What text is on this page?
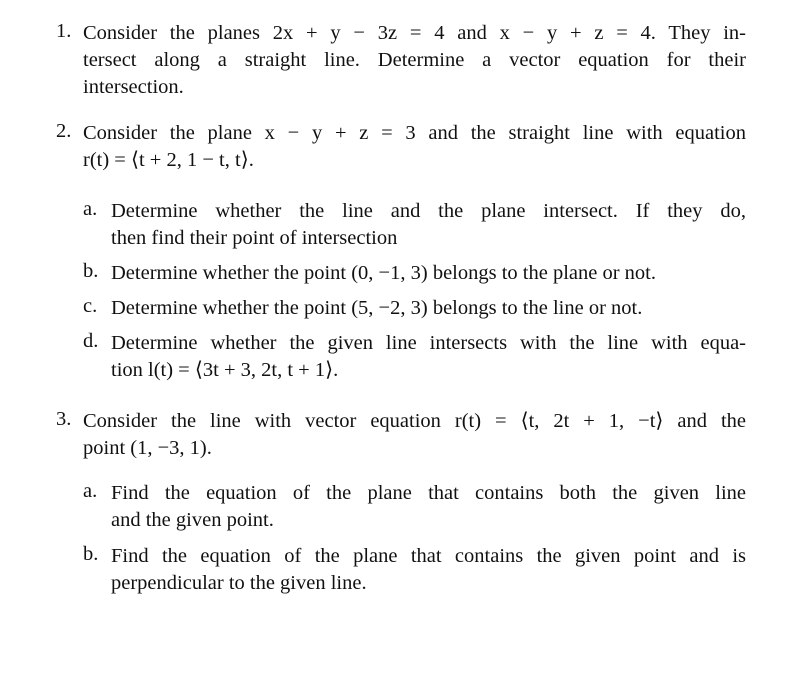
1. Consider the planes 2x + y − 3z = 4 and x − y + z = 4. They in-
tersect along a straight line. Determine a vector equation for their
intersection.
2. Consider the plane x − y + z = 3 and the straight line with equation
r(t) = ⟨t + 2, 1 − t, t⟩.
a. Determine whether the line and the plane intersect. If they do,
then find their point of intersection
b. Determine whether the point (0, −1, 3) belongs to the plane or not.
c. Determine whether the point (5, −2, 3) belongs to the line or not.
d. Determine whether the given line intersects with the line with equa-
tion l(t) = ⟨3t + 3, 2t, t + 1⟩.
3. Consider the line with vector equation r(t) = ⟨t, 2t + 1, −t⟩ and the
point (1, −3, 1).
a. Find the equation of the plane that contains both the given line
and the given point.
b. Find the equation of the plane that contains the given point and is
perpendicular to the given line.
